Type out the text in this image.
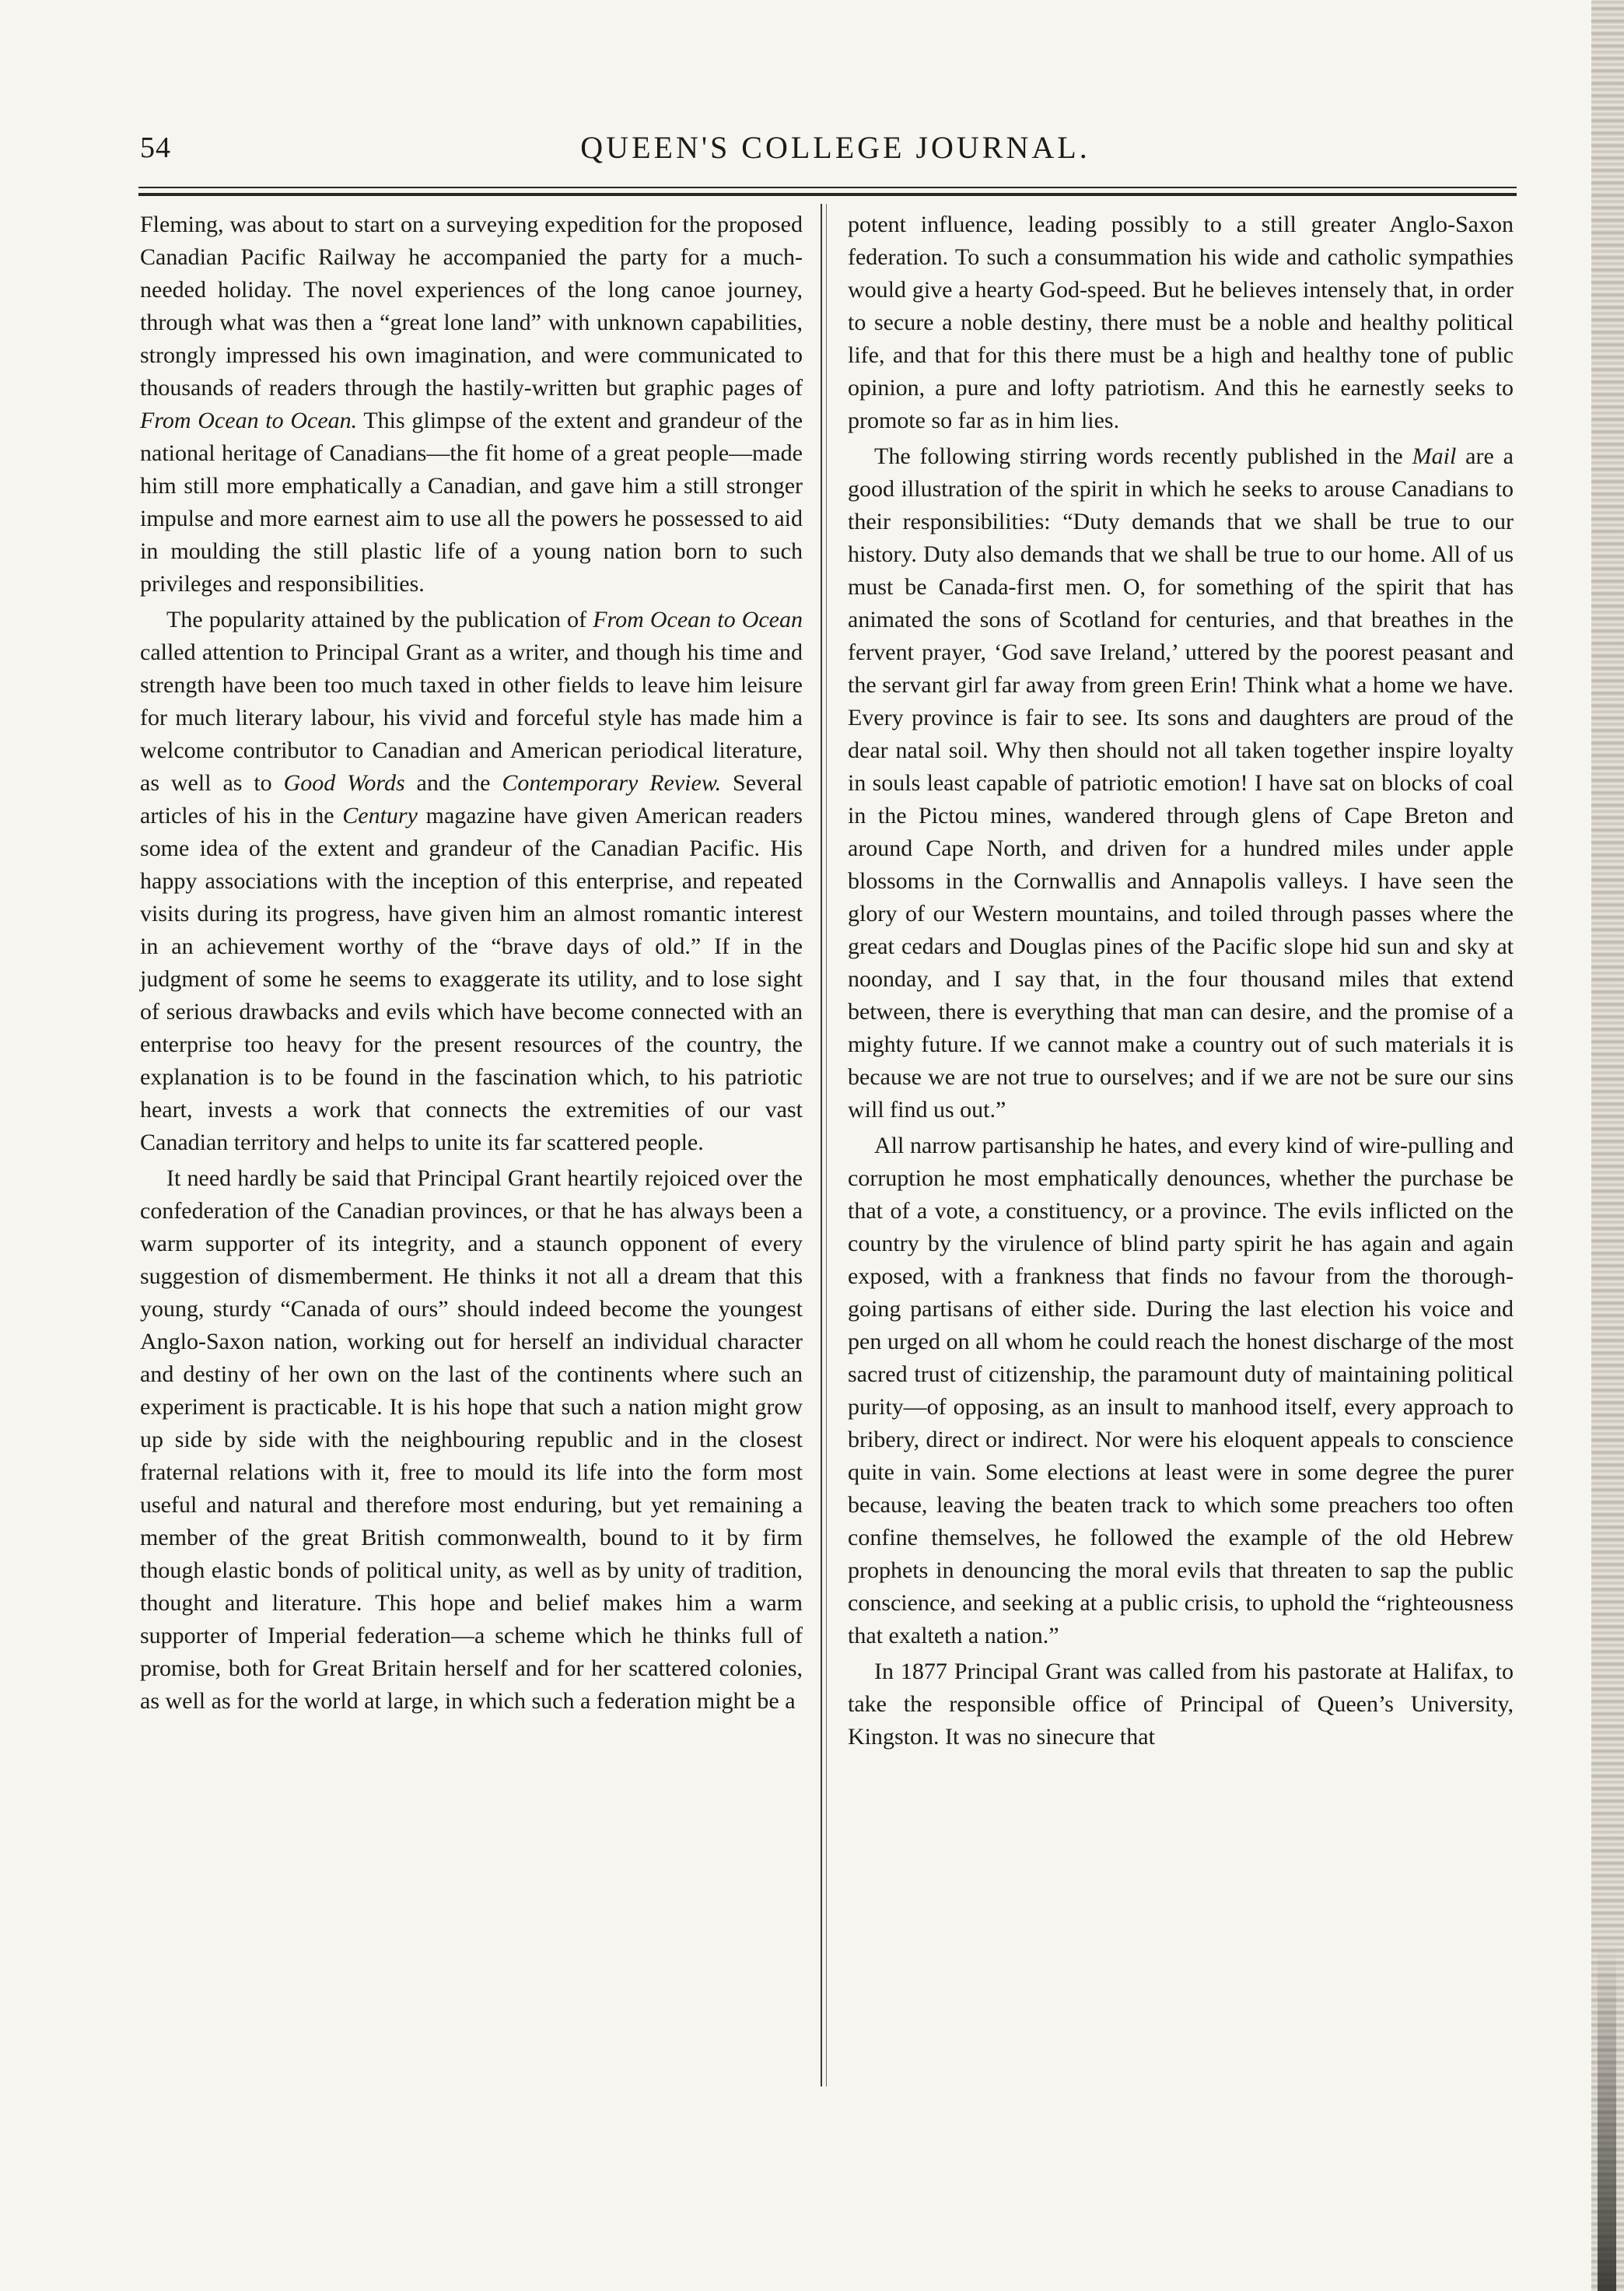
54	QUEEN'S COLLEGE JOURNAL.

Fleming, was about to start on a surveying expedition for the proposed Canadian Pacific Railway he accompanied the party for a much-needed holiday. The novel experiences of the long canoe journey, through what was then a “great lone land” with unknown capabilities, strongly impressed his own imagination, and were communicated to thousands of readers through the hastily-written but graphic pages of From Ocean to Ocean. This glimpse of the extent and grandeur of the national heritage of Canadians—the fit home of a great people—made him still more emphatically a Canadian, and gave him a still stronger impulse and more earnest aim to use all the powers he possessed to aid in moulding the still plastic life of a young nation born to such privileges and responsibilities.

The popularity attained by the publication of From Ocean to Ocean called attention to Principal Grant as a writer, and though his time and strength have been too much taxed in other fields to leave him leisure for much literary labour, his vivid and forceful style has made him a welcome contributor to Canadian and American periodical literature, as well as to Good Words and the Contemporary Review. Several articles of his in the Century magazine have given American readers some idea of the extent and grandeur of the Canadian Pacific. His happy associations with the inception of this enterprise, and repeated visits during its progress, have given him an almost romantic interest in an achievement worthy of the “brave days of old.” If in the judgment of some he seems to exaggerate its utility, and to lose sight of serious drawbacks and evils which have become connected with an enterprise too heavy for the present resources of the country, the explanation is to be found in the fascination which, to his patriotic heart, invests a work that connects the extremities of our vast Canadian territory and helps to unite its far scattered people.

It need hardly be said that Principal Grant heartily rejoiced over the confederation of the Canadian provinces, or that he has always been a warm supporter of its integrity, and a staunch opponent of every suggestion of dismemberment. He thinks it not all a dream that this young, sturdy “Canada of ours” should indeed become the youngest Anglo-Saxon nation, working out for herself an individual character and destiny of her own on the last of the continents where such an experiment is practicable. It is his hope that such a nation might grow up side by side with the neighbouring republic and in the closest fraternal relations with it, free to mould its life into the form most useful and natural and therefore most enduring, but yet remaining a member of the great British commonwealth, bound to it by firm though elastic bonds of political unity, as well as by unity of tradition, thought and literature. This hope and belief makes him a warm supporter of Imperial federation—a scheme which he thinks full of promise, both for Great Britain herself and for her scattered colonies, as well as for the world at large, in which such a federation might be a

potent influence, leading possibly to a still greater Anglo-Saxon federation. To such a consummation his wide and catholic sympathies would give a hearty God-speed. But he believes intensely that, in order to secure a noble destiny, there must be a noble and healthy political life, and that for this there must be a high and healthy tone of public opinion, a pure and lofty patriotism. And this he earnestly seeks to promote so far as in him lies.

The following stirring words recently published in the Mail are a good illustration of the spirit in which he seeks to arouse Canadians to their responsibilities: “Duty demands that we shall be true to our history. Duty also demands that we shall be true to our home. All of us must be Canada-first men. O, for something of the spirit that has animated the sons of Scotland for centuries, and that breathes in the fervent prayer, ‘God save Ireland,’ uttered by the poorest peasant and the servant girl far away from green Erin! Think what a home we have. Every province is fair to see. Its sons and daughters are proud of the dear natal soil. Why then should not all taken together inspire loyalty in souls least capable of patriotic emotion! I have sat on blocks of coal in the Pictou mines, wandered through glens of Cape Breton and around Cape North, and driven for a hundred miles under apple blossoms in the Cornwallis and Annapolis valleys. I have seen the glory of our Western mountains, and toiled through passes where the great cedars and Douglas pines of the Pacific slope hid sun and sky at noonday, and I say that, in the four thousand miles that extend between, there is everything that man can desire, and the promise of a mighty future. If we cannot make a country out of such materials it is because we are not true to ourselves; and if we are not be sure our sins will find us out.”

All narrow partisanship he hates, and every kind of wire-pulling and corruption he most emphatically denounces, whether the purchase be that of a vote, a constituency, or a province. The evils inflicted on the country by the virulence of blind party spirit he has again and again exposed, with a frankness that finds no favour from the thorough-going partisans of either side. During the last election his voice and pen urged on all whom he could reach the honest discharge of the most sacred trust of citizenship, the paramount duty of maintaining political purity—of opposing, as an insult to manhood itself, every approach to bribery, direct or indirect. Nor were his eloquent appeals to conscience quite in vain. Some elections at least were in some degree the purer because, leaving the beaten track to which some preachers too often confine themselves, he followed the example of the old Hebrew prophets in denouncing the moral evils that threaten to sap the public conscience, and seeking at a public crisis, to uphold the “righteousness that exalteth a nation.”

In 1877 Principal Grant was called from his pastorate at Halifax, to take the responsible office of Principal of Queen’s University, Kingston. It was no sinecure that
